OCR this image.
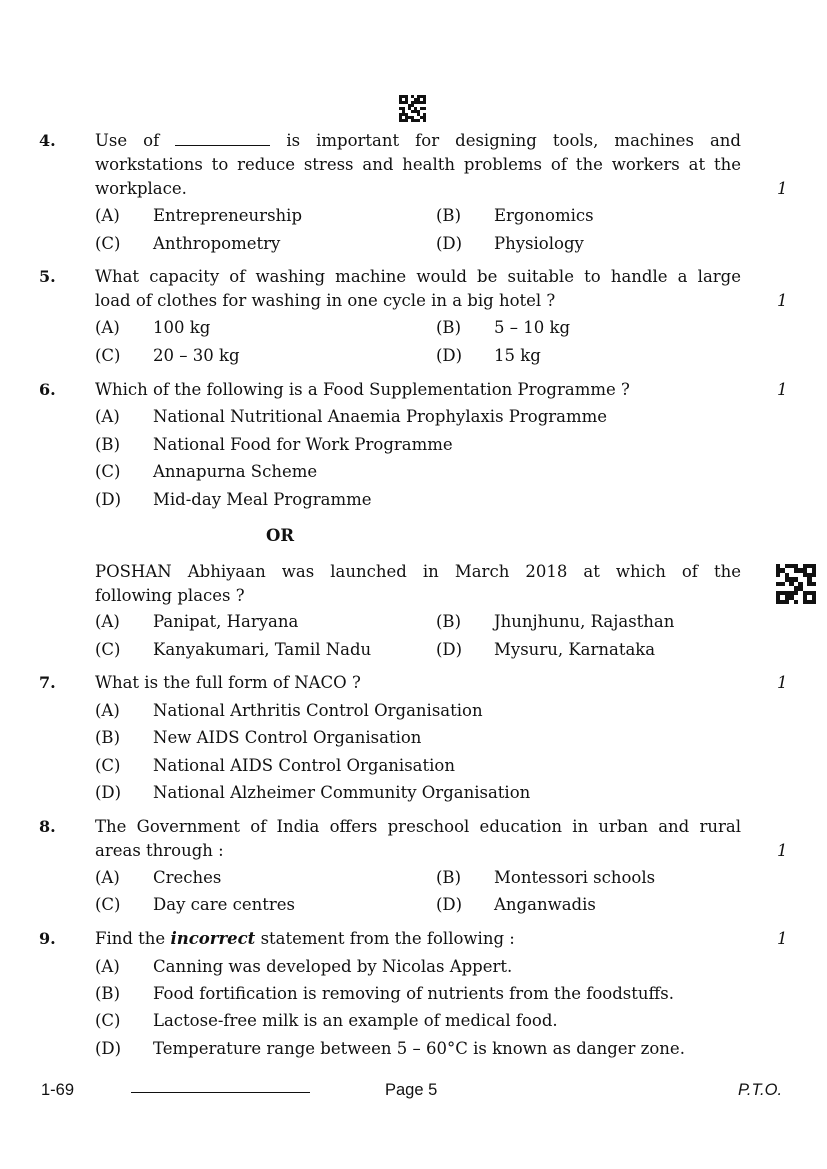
4. Use of	is important for designing tools, machines and
workstations to reduce stress and health problems of the workers at the
workplace.	1
(A) Entrepreneurship	(B) Ergonomics
(C) Anthropometry	(D) Physiology
5. What capacity of washing machine would be suitable to handle a large
load of clothes for washing in one cycle in a big hotel ?	1
(A) 100 kg	(B) 5 – 10 kg
(C) 20 – 30 kg	(D) 15 kg
6. Which of the following is a Food Supplementation Programme ?	1
(A) National Nutritional Anaemia Prophylaxis Programme
(B) National Food for Work Programme
(C) Annapurna Scheme
(D) Mid-day Meal Programme
OR
POSHAN Abhiyaan was launched in March 2018 at which of the
following places ?
(A) Panipat, Haryana	(B) Jhunjhunu, Rajasthan
(C) Kanyakumari, Tamil Nadu	(D) Mysuru, Karnataka
7. What is the full form of NACO ?	1
(A) National Arthritis Control Organisation
(B) New AIDS Control Organisation
(C) National AIDS Control Organisation
(D) National Alzheimer Community Organisation
8. The Government of India offers preschool education in urban and rural
areas through :	1
(A) Creches	(B) Montessori schools
(C) Day care centres	(D) Anganwadis
9. Find the incorrect statement from the following :	1
(A) Canning was developed by Nicolas Appert.
(B) Food fortification is removing of nutrients from the foodstuffs.
(C) Lactose-free milk is an example of medical food.
(D) Temperature range between 5 – 60°C is known as danger zone.
1-69	Page 5	P.T.O.
